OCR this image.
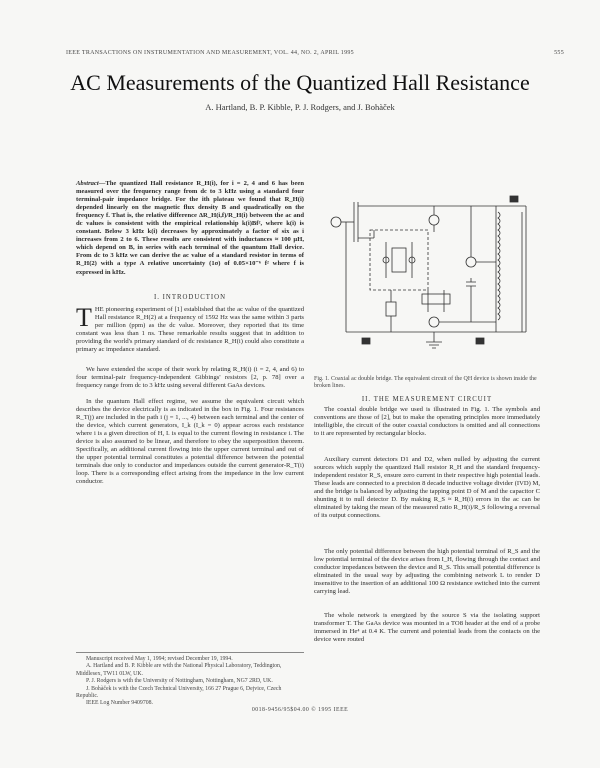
IEEE TRANSACTIONS ON INSTRUMENTATION AND MEASUREMENT, VOL. 44, NO. 2, APRIL 1995	555
AC Measurements of the Quantized Hall Resistance
A. Hartland, B. P. Kibble, P. J. Rodgers, and J. Bohàček
Abstract—The quantized Hall resistance R_H(i), for i = 2, 4 and 6 has been measured over the frequency range from dc to 3 kHz using a standard four terminal-pair impedance bridge. For the ith plateau we found that R_H(i) depended linearly on the magnetic flux density B and quadratically on the frequency f. That is, the relative difference ΔR_H(i,f)/R_H(i) between the ac and dc values is consistent with the empirical relationship k(i)Bf², where k(i) is constant. Below 3 kHz k(i) decreases by approximately a factor of six as i increases from 2 to 6. These results are consistent with inductances ≈ 100 µH, which depend on B, in series with each terminal of the quantum Hall device. From dc to 3 kHz we can derive the ac value of a standard resistor in terms of R_H(2) with a type A relative uncertainty (1σ) of 0.05×10⁻⁶ f² where f is expressed in kHz.
I. INTRODUCTION
THE pioneering experiment of [1] established that the ac value of the quantized Hall resistance R_H(2) at a frequency of 1592 Hz was the same within 3 parts per million (ppm) as the dc value. Moreover, they reported that its time constant was less than 1 ns. These remarkable results suggest that in addition to providing the world's primary standard of dc resistance R_H(i) could also constitute a primary ac impedance standard.

We have extended the scope of their work by relating R_H(i) (i = 2, 4, and 6) to four terminal-pair frequency-independent Gibbings' resistors [2, p. 78] over a frequency range from dc to 3 kHz using several different GaAs devices.

In the quantum Hall effect regime, we assume the equivalent circuit which describes the device electrically is as indicated in the box in Fig. 1. Four resistances R_T(j) are included in the path i (j = 1, ..., 4) between each terminal and the center of the device, which current generators, I_k (I_k = 0) appear across each resistance where i is a given direction of H, I. is equal to the current flowing in resistance i. The device is also assumed to be linear, and therefore to obey the superposition theorem. Specifically, an additional current flowing into the upper current terminal and out of the upper potential terminal constitutes a potential difference between the potential terminals due only to conductor and impedances outside the current generator-R_T(i) loop. There is a corresponding effect arising from the impedance in the low current conductor.

Manuscript received May 1, 1994; revised December 19, 1994.

A. Hartland and B. P. Kibble are with the National Physical Laboratory, Teddington, Middlesex, TW11 0LW, UK.

P. J. Rodgers is with the University of Nottingham, Nottingham, NG7 2RD, UK.

J. Bohàček is with the Czech Technical University, 166 27 Prague 6, Dejvice, Czech Republic.

IEEE Log Number 9409708.

Fig. 1. Coaxial ac double bridge. The equivalent circuit of the QH device is shown inside the broken lines.
II. THE MEASUREMENT CIRCUIT

The coaxial double bridge we used is illustrated in Fig. 1. The symbols and conventions are those of [2], but to make the operating principles more immediately intelligible, the circuit of the outer coaxial conductors is omitted and all connections to it are represented by rectangular blocks.

Auxiliary current detectors D1 and D2, when nulled by adjusting the current sources which supply the quantized Hall resistor R_H and the standard frequency-independent resistor R_S, ensure zero current in their respective high potential leads. These leads are connected to a precision 8 decade inductive voltage divider (IVD) M, and the bridge is balanced by adjusting the tapping point D of M and the capacitor C shunting it to null detector D. By making R_S ≈ R_H(i) errors in the ac can be eliminated by taking the mean of the measured ratio R_H(i)/R_S following a reversal of its output connections.

The only potential difference between the high potential terminal of R_S and the low potential terminal of the device arises from I_H, flowing through the contact and conductor impedances between the device and R_S. This small potential difference is eliminated in the usual way by adjusting the combining network L to render D insensitive to the insertion of an additional 100 Ω resistance switched into the current carrying lead.

The whole network is energized by the source S via the isolating support transformer T. The GaAs device was mounted in a TO8 header at the end of a probe immersed in He⁴ at 0.4 K. The current and potential leads from the contacts on the device were routed

0018-9456/95$04.00 © 1995 IEEE
